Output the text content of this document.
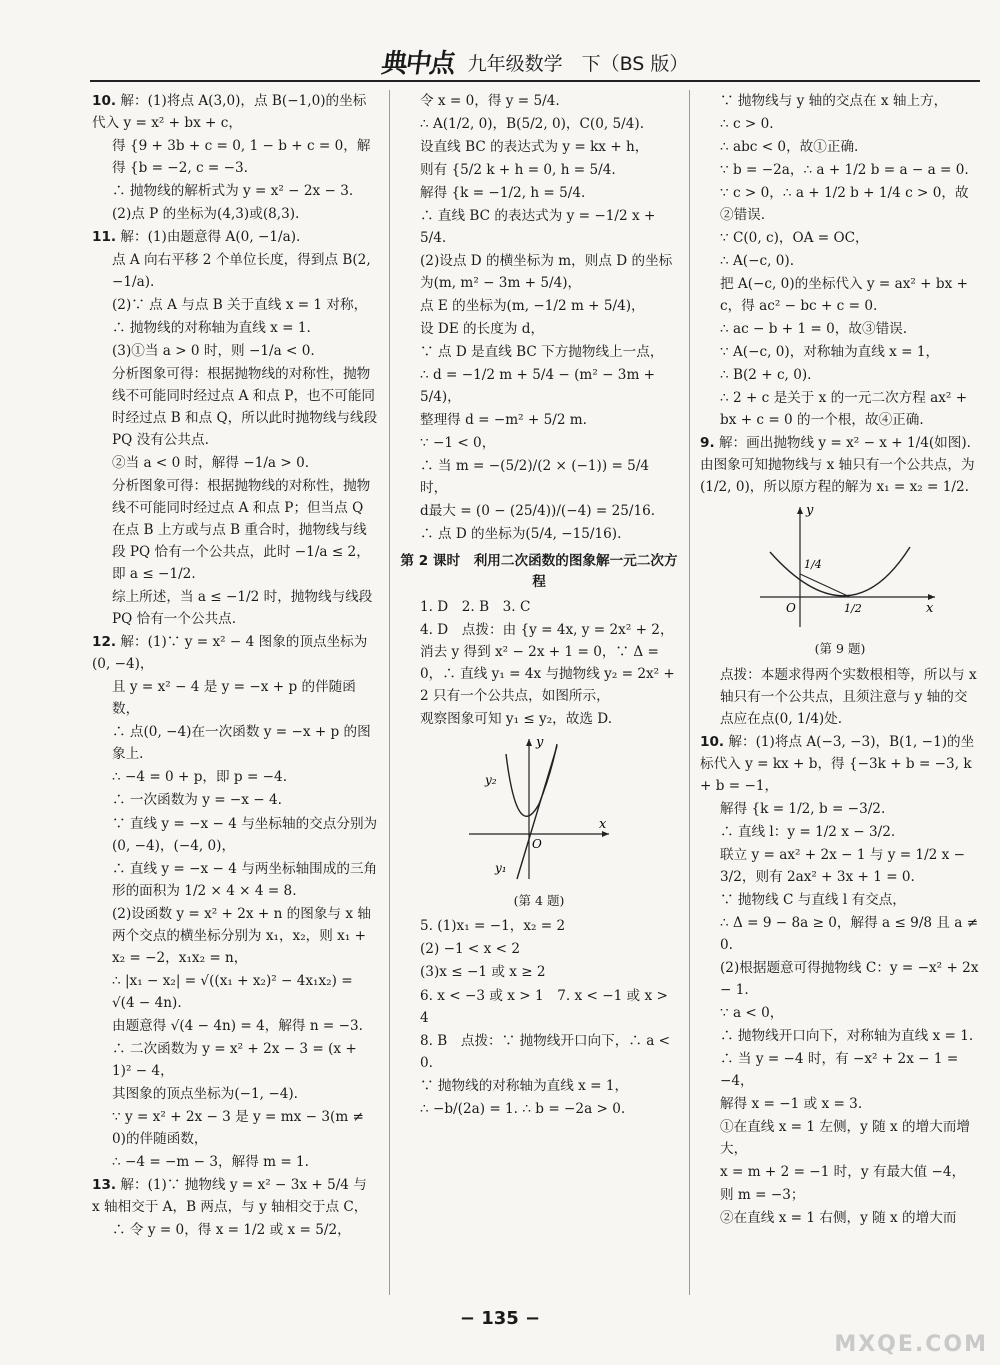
典中点 九年级数学　下（BS 版）

10. 解：(1)将点 A(3,0)，点 B(−1,0)的坐标代入 y = x² + bx + c，

得 {9 + 3b + c = 0, 1 − b + c = 0，解得 {b = −2, c = −3.

∴ 抛物线的解析式为 y = x² − 2x − 3.

(2)点 P 的坐标为(4,3)或(8,3).

11. 解：(1)由题意得 A(0, −1/a).

点 A 向右平移 2 个单位长度，得到点 B(2, −1/a).

(2)∵ 点 A 与点 B 关于直线 x = 1 对称，

∴ 抛物线的对称轴为直线 x = 1.

(3)①当 a > 0 时，则 −1/a < 0.

分析图象可得：根据抛物线的对称性，抛物线不可能同时经过点 A 和点 P，也不可能同时经过点 B 和点 Q，所以此时抛物线与线段 PQ 没有公共点.

②当 a < 0 时，解得 −1/a > 0.

分析图象可得：根据抛物线的对称性，抛物线不可能同时经过点 A 和点 P；但当点 Q 在点 B 上方或与点 B 重合时，抛物线与线段 PQ 恰有一个公共点，此时 −1/a ≤ 2，即 a ≤ −1/2.

综上所述，当 a ≤ −1/2 时，抛物线与线段 PQ 恰有一个公共点.

12. 解：(1)∵ y = x² − 4 图象的顶点坐标为(0, −4)，

且 y = x² − 4 是 y = −x + p 的伴随函数，

∴ 点(0, −4)在一次函数 y = −x + p 的图象上.

∴ −4 = 0 + p，即 p = −4.

∴ 一次函数为 y = −x − 4.

∵ 直线 y = −x − 4 与坐标轴的交点分别为(0, −4)，(−4, 0)，

∴ 直线 y = −x − 4 与两坐标轴围成的三角形的面积为 1/2 × 4 × 4 = 8.

(2)设函数 y = x² + 2x + n 的图象与 x 轴两个交点的横坐标分别为 x₁，x₂，则 x₁ + x₂ = −2，x₁x₂ = n，

∴ |x₁ − x₂| = √((x₁ + x₂)² − 4x₁x₂) = √(4 − 4n).

由题意得 √(4 − 4n) = 4，解得 n = −3.

∴ 二次函数为 y = x² + 2x − 3 = (x + 1)² − 4，

其图象的顶点坐标为(−1, −4).

∵ y = x² + 2x − 3 是 y = mx − 3(m ≠ 0)的伴随函数，

∴ −4 = −m − 3，解得 m = 1.

13. 解：(1)∵ 抛物线 y = x² − 3x + 5/4 与 x 轴相交于 A，B 两点，与 y 轴相交于点 C，

∴ 令 y = 0，得 x = 1/2 或 x = 5/2，

令 x = 0，得 y = 5/4.

∴ A(1/2, 0)，B(5/2, 0)，C(0, 5/4).

设直线 BC 的表达式为 y = kx + h，

则有 {5/2 k + h = 0, h = 5/4.

解得 {k = −1/2, h = 5/4.

∴ 直线 BC 的表达式为 y = −1/2 x + 5/4.

(2)设点 D 的横坐标为 m，则点 D 的坐标为(m, m² − 3m + 5/4)，

点 E 的坐标为(m, −1/2 m + 5/4)，

设 DE 的长度为 d，

∵ 点 D 是直线 BC 下方抛物线上一点，

∴ d = −1/2 m + 5/4 − (m² − 3m + 5/4)，

整理得 d = −m² + 5/2 m.

∵ −1 < 0，

∴ 当 m = −(5/2)/(2 × (−1)) = 5/4 时，

d最大 = (0 − (25/4))/(−4) = 25/16.

∴ 点 D 的坐标为(5/4, −15/16).

第 2 课时　利用二次函数的图象解一元二次方程

1. D　2. B　3. C

4. D　点拨：由 {y = 4x, y = 2x² + 2，消去 y 得到 x² − 2x + 1 = 0，∵ Δ = 0，∴ 直线 y₁ = 4x 与抛物线 y₂ = 2x² + 2 只有一个公共点，如图所示，

观察图象可知 y₁ ≤ y₂，故选 D.

y
x
O
y₂
y₁
(第 4 题)

5. (1)x₁ = −1，x₂ = 2

(2) −1 < x < 2

(3)x ≤ −1 或 x ≥ 2

6. x < −3 或 x > 1　7. x < −1 或 x > 4

8. B　点拨：∵ 抛物线开口向下，∴ a < 0.

∵ 抛物线的对称轴为直线 x = 1，

∴ −b/(2a) = 1. ∴ b = −2a > 0.

∵ 抛物线与 y 轴的交点在 x 轴上方，

∴ c > 0.

∴ abc < 0，故①正确.

∵ b = −2a，∴ a + 1/2 b = a − a = 0.

∵ c > 0，∴ a + 1/2 b + 1/4 c > 0，故②错误.

∵ C(0, c)，OA = OC，

∴ A(−c, 0).

把 A(−c, 0)的坐标代入 y = ax² + bx + c，得 ac² − bc + c = 0.

∴ ac − b + 1 = 0，故③错误.

∵ A(−c, 0)，对称轴为直线 x = 1，

∴ B(2 + c, 0).

∴ 2 + c 是关于 x 的一元二次方程 ax² + bx + c = 0 的一个根，故④正确.

9. 解：画出抛物线 y = x² − x + 1/4(如图). 由图象可知抛物线与 x 轴只有一个公共点，为(1/2, 0)，所以原方程的解为 x₁ = x₂ = 1/2.

y
x
O
1/4
1/2
(第 9 题)

点拨：本题求得两个实数根相等，所以与 x 轴只有一个公共点，且须注意与 y 轴的交点应在点(0, 1/4)处.

10. 解：(1)将点 A(−3, −3)，B(1, −1)的坐标代入 y = kx + b，得 {−3k + b = −3, k + b = −1，

解得 {k = 1/2, b = −3/2.

∴ 直线 l：y = 1/2 x − 3/2.

联立 y = ax² + 2x − 1 与 y = 1/2 x − 3/2，则有 2ax² + 3x + 1 = 0.

∵ 抛物线 C 与直线 l 有交点，

∴ Δ = 9 − 8a ≥ 0，解得 a ≤ 9/8 且 a ≠ 0.

(2)根据题意可得抛物线 C：y = −x² + 2x − 1.

∵ a < 0，

∴ 抛物线开口向下，对称轴为直线 x = 1.

∴ 当 y = −4 时，有 −x² + 2x − 1 = −4，

解得 x = −1 或 x = 3.

①在直线 x = 1 左侧，y 随 x 的增大而增大，

x = m + 2 = −1 时，y 有最大值 −4，

则 m = −3；

②在直线 x = 1 右侧，y 随 x 的增大而

− 135 −
MXQE.COM
